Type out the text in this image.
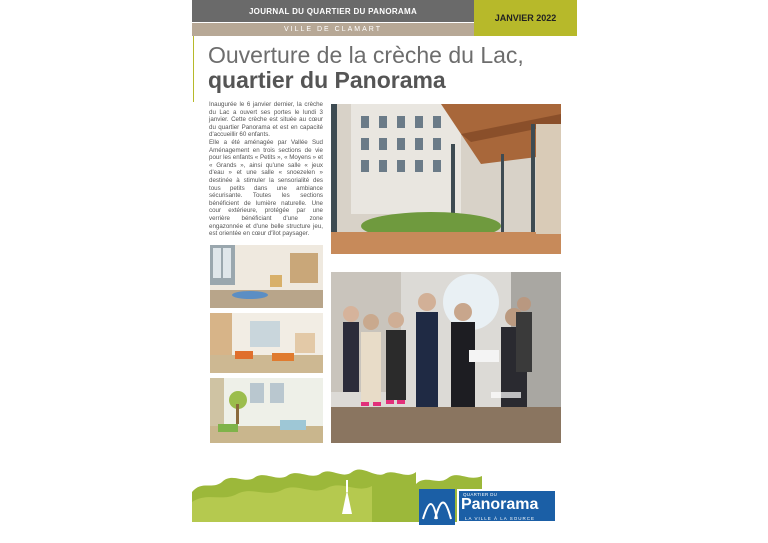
JOURNAL DU QUARTIER DU PANORAMA
VILLE DE CLAMART
JANVIER 2022
Ouverture de la crèche du Lac,
quartier du Panorama

Inaugurée le 6 janvier dernier, la crèche du Lac a ouvert ses portes le lundi 3 janvier. Cette crèche est située au cœur du quartier Panorama et est en capacité d'accueillir 60 enfants.

Elle a été aménagée par Vallée Sud Aménagement en trois sections de vie pour les enfants « Petits », « Moyens » et « Grands », ainsi qu'une salle « jeux d'eau » et une salle « snoezelen » destinée à stimuler la sensorialité des tous petits dans une ambiance sécurisante. Toutes les sections bénéficient de lumière naturelle. Une cour extérieure, protégée par une verrière bénéficiant d'une zone engazonnée et d'une belle structure jeu, est orientée en cœur d'îlot paysager.

QUARTIER DU
Panorama
LA VILLE À LA SOURCE
